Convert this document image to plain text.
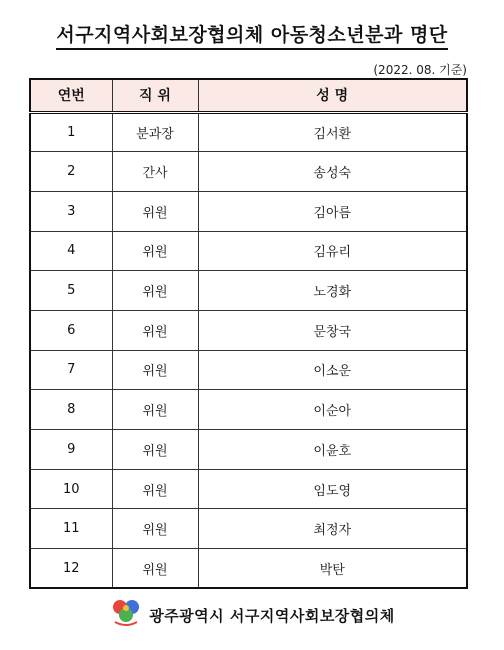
서구지역사회보장협의체 아동청소년분과 명단
(2022. 08. 기준)
연번	직 위	성 명
1	분과장	김서환
2	간사	송성숙
3	위원	김아름
4	위원	김유리
5	위원	노경화
6	위원	문창국
7	위원	이소운
8	위원	이순아
9	위원	이윤호
10	위원	임도영
11	위원	최정자
12	위원	박탄
광주광역시 서구지역사회보장협의체
